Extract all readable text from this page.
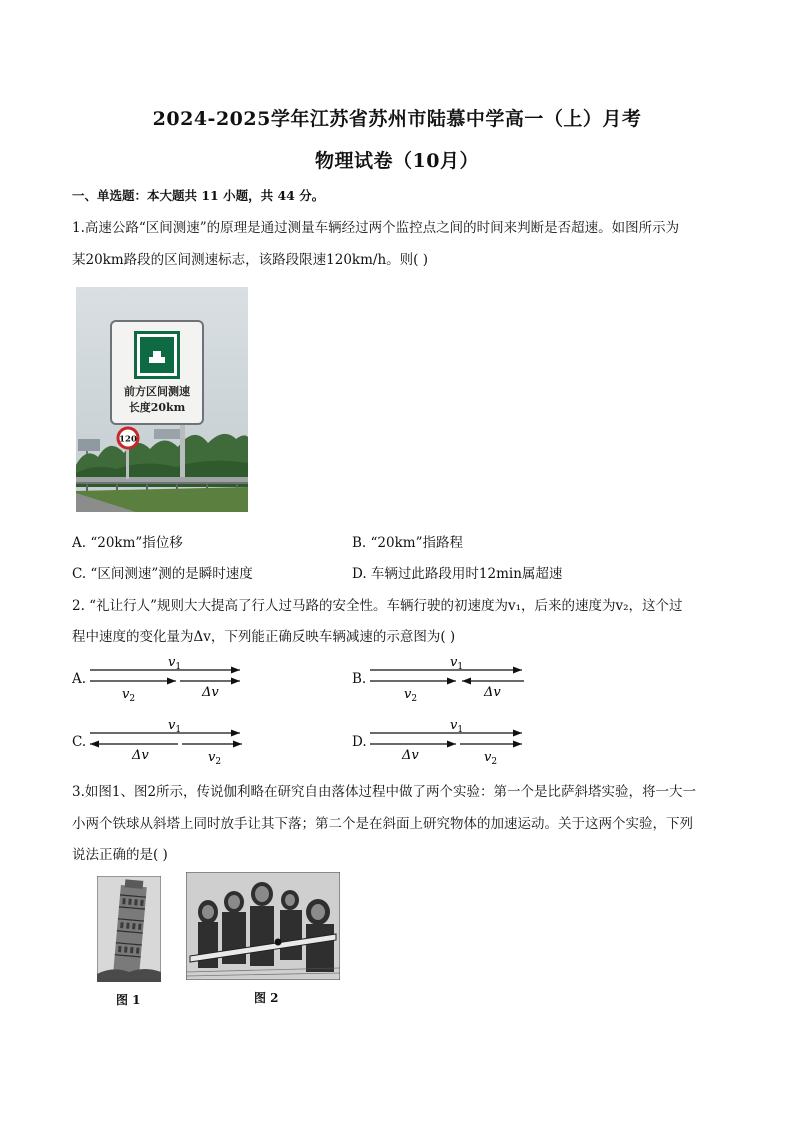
2024-2025学年江苏省苏州市陆慕中学高一（上）月考
物理试卷（10月）
一、单选题：本大题共 11 小题，共 44 分。
1.高速公路“区间测速”的原理是通过测量车辆经过两个监控点之间的时间来判断是否超速。如图所示为
某20km路段的区间测速标志，该路段限速120km/h。则( )
前方区间测速
长度20km
120
A. “20km”指位移	B. “20km”指路程
C. “区间测速”测的是瞬时速度	D. 车辆过此路段用时12min属超速
2. “礼让行人”规则大大提高了行人过马路的安全性。车辆行驶的初速度为v₁，后来的速度为v₂，这个过
程中速度的变化量为Δv，下列能正确反映车辆减速的示意图为( )
A.
$v_1$
$v_2$	Δv
B.
$v_1$
$v_2$	Δv
C.
$v_1$
Δv	$v_2$
D.
$v_1$
Δv	$v_2$
3.如图1、图2所示，传说伽利略在研究自由落体过程中做了两个实验：第一个是比萨斜塔实验，将一大一
小两个铁球从斜塔上同时放手让其下落；第二个是在斜面上研究物体的加速运动。关于这两个实验，下列
说法正确的是( )
图 1	图 2
